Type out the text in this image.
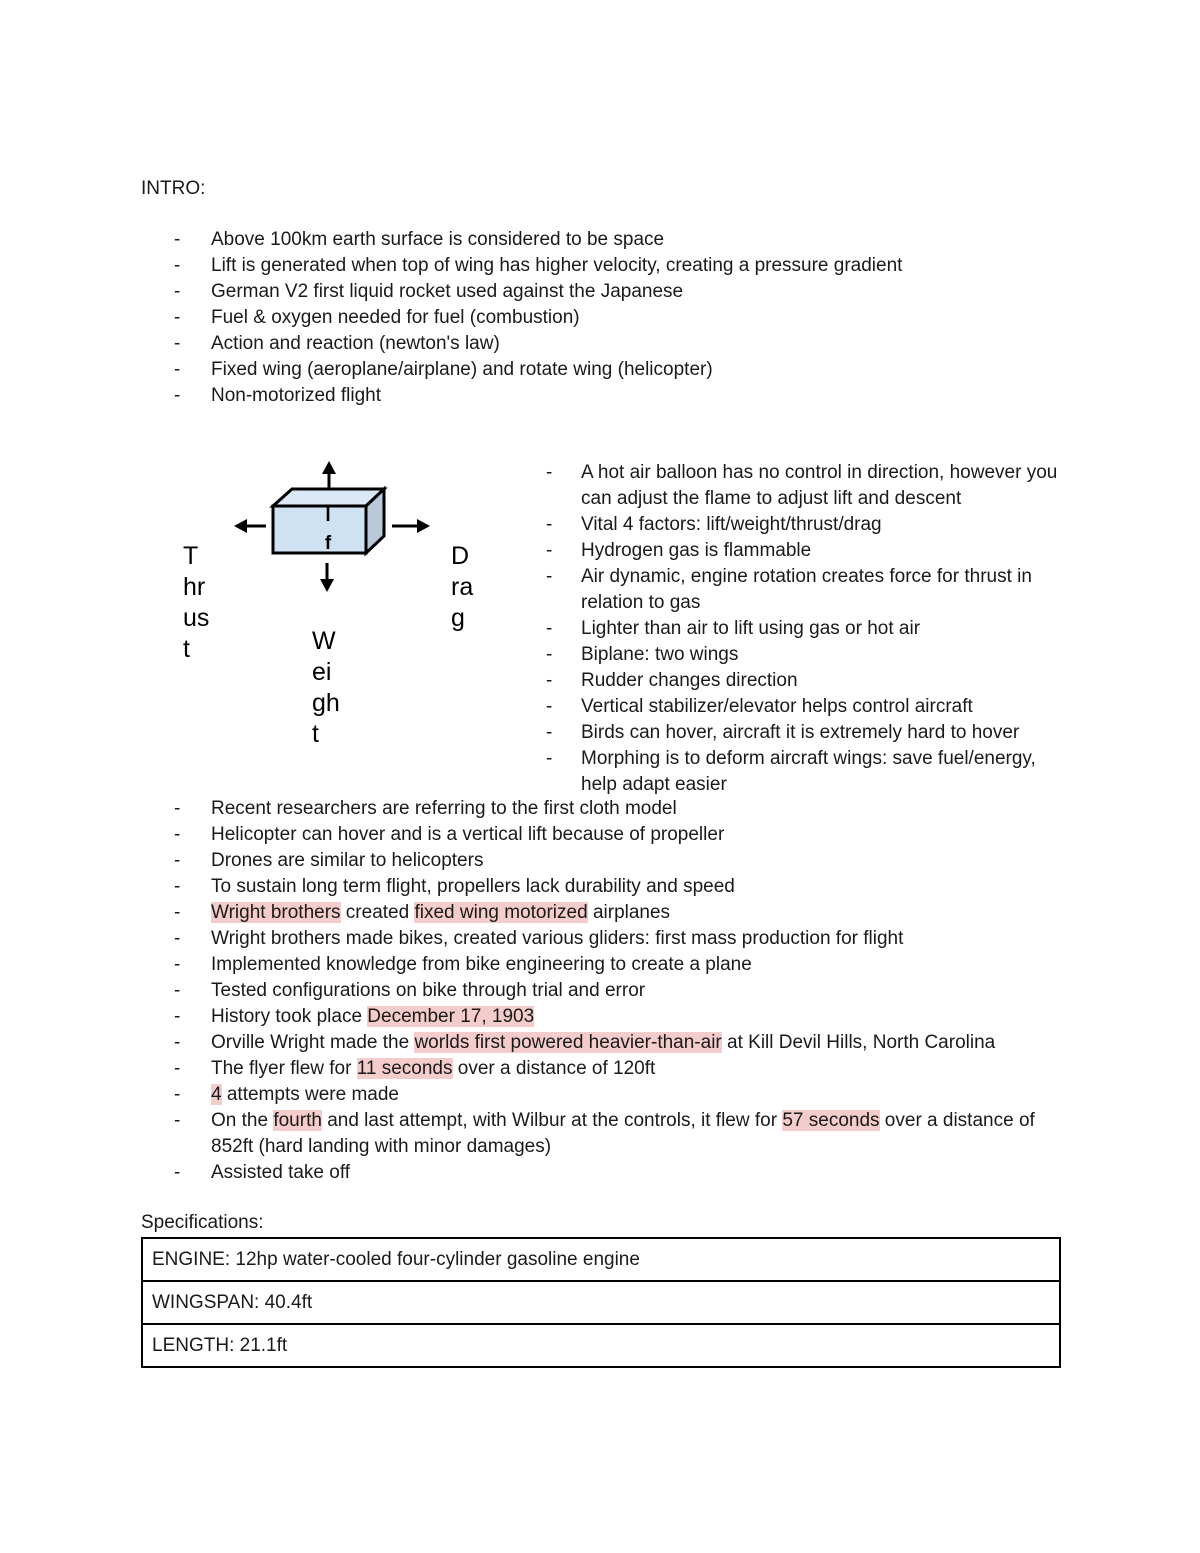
INTRO:
- Above 100km earth surface is considered to be space
- Lift is generated when top of wing has higher velocity, creating a pressure gradient
- German V2 first liquid rocket used against the Japanese
- Fuel & oxygen needed for fuel (combustion)
- Action and reaction (newton's law)
- Fixed wing (aeroplane/airplane) and rotate wing (helicopter)
- Non-motorized flight
l
f
T
hr
us
t
D
ra
g
W
ei
gh
t
- A hot air balloon has no control in direction, however you can adjust the flame to adjust lift and descent
- Vital 4 factors: lift/weight/thrust/drag
- Hydrogen gas is flammable
- Air dynamic, engine rotation creates force for thrust in relation to gas
- Lighter than air to lift using gas or hot air
- Biplane: two wings
- Rudder changes direction
- Vertical stabilizer/elevator helps control aircraft
- Birds can hover, aircraft it is extremely hard to hover
- Morphing is to deform aircraft wings: save fuel/energy, help adapt easier
- Recent researchers are referring to the first cloth model
- Helicopter can hover and is a vertical lift because of propeller
- Drones are similar to helicopters
- To sustain long term flight, propellers lack durability and speed
- Wright brothers created fixed wing motorized airplanes
- Wright brothers made bikes, created various gliders: first mass production for flight
- Implemented knowledge from bike engineering to create a plane
- Tested configurations on bike through trial and error
- History took place December 17, 1903
- Orville Wright made the worlds first powered heavier-than-air at Kill Devil Hills, North Carolina
- The flyer flew for 11 seconds over a distance of 120ft
- 4 attempts were made
- On the fourth and last attempt, with Wilbur at the controls, it flew for 57 seconds over a distance of 852ft (hard landing with minor damages)
- Assisted take off
Specifications:
ENGINE: 12hp water-cooled four-cylinder gasoline engine
WINGSPAN: 40.4ft
LENGTH: 21.1ft
